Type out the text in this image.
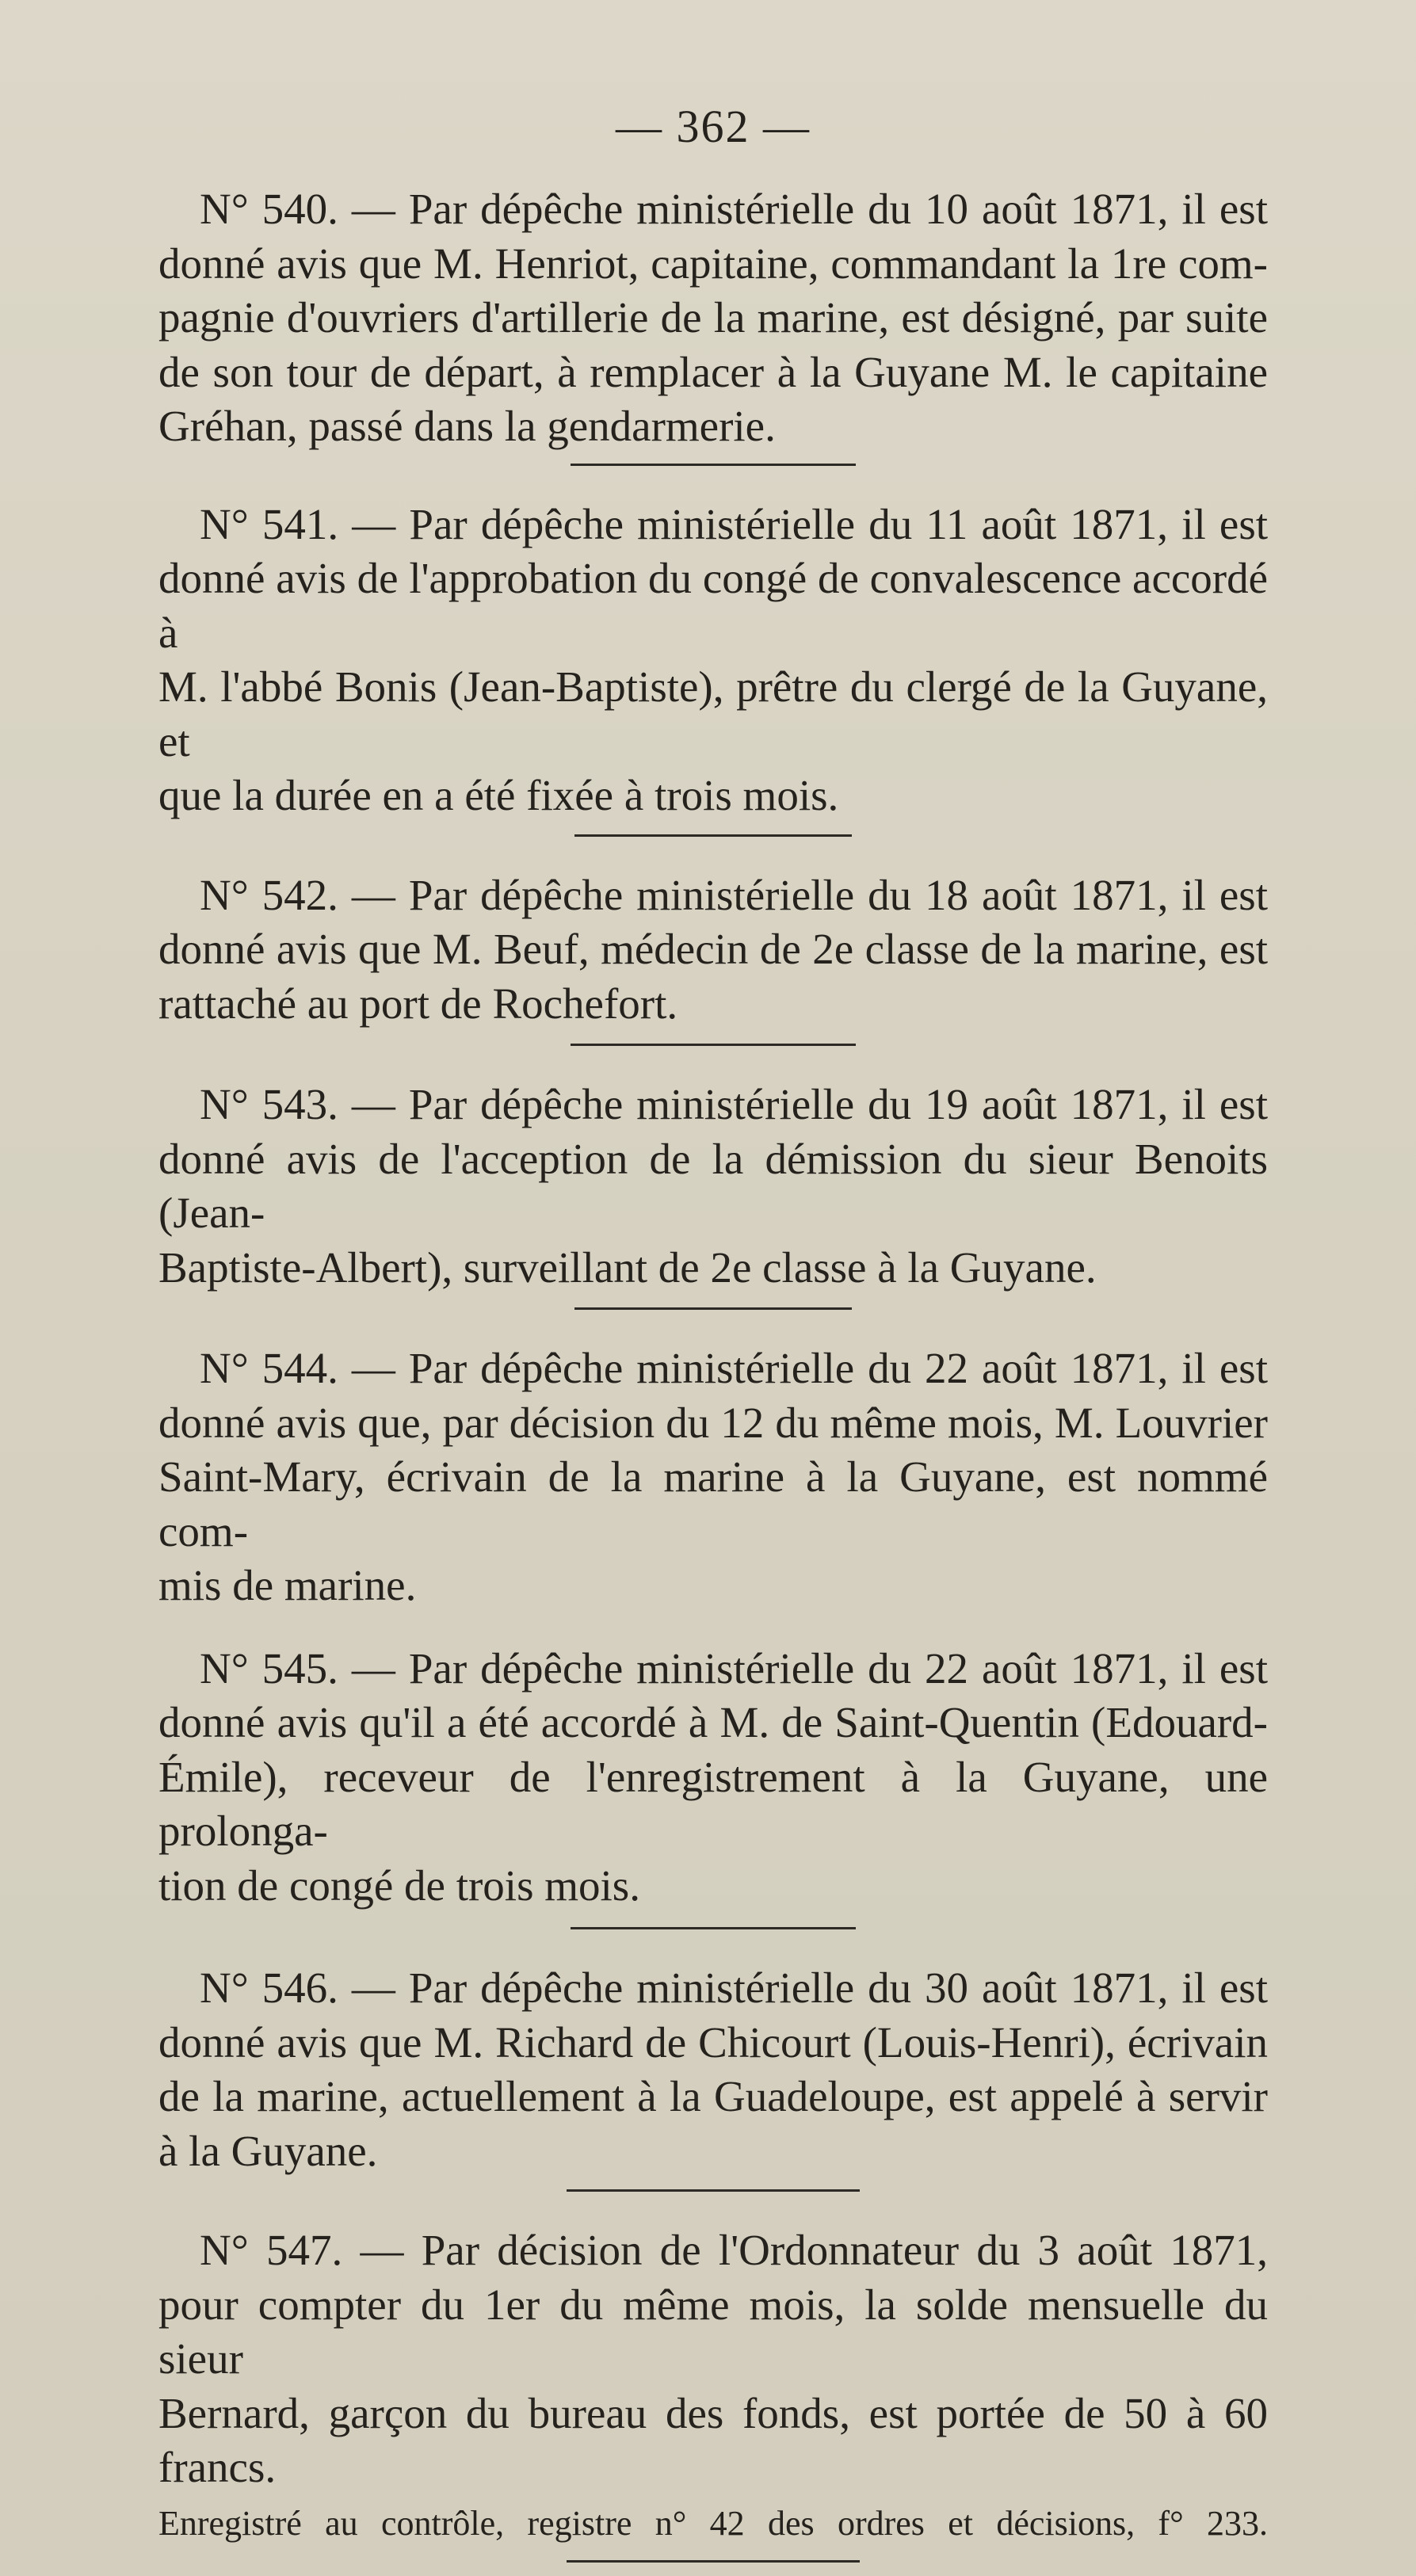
— 362 —
N° 540. — Par dépêche ministérielle du 10 août 1871, il est
donné avis que M. Henriot, capitaine, commandant la 1re com-
pagnie d'ouvriers d'artillerie de la marine, est désigné, par suite
de son tour de départ, à remplacer à la Guyane M. le capitaine
Gréhan, passé dans la gendarmerie.
N° 541. — Par dépêche ministérielle du 11 août 1871, il est
donné avis de l'approbation du congé de convalescence accordé à
M. l'abbé Bonis (Jean-Baptiste), prêtre du clergé de la Guyane, et
que la durée en a été fixée à trois mois.
N° 542. — Par dépêche ministérielle du 18 août 1871, il est
donné avis que M. Beuf, médecin de 2e classe de la marine, est
rattaché au port de Rochefort.
N° 543. — Par dépêche ministérielle du 19 août 1871, il est
donné avis de l'acception de la démission du sieur Benoits (Jean-
Baptiste-Albert), surveillant de 2e classe à la Guyane.
N° 544. — Par dépêche ministérielle du 22 août 1871, il est
donné avis que, par décision du 12 du même mois, M. Louvrier
Saint-Mary, écrivain de la marine à la Guyane, est nommé com-
mis de marine.
N° 545. — Par dépêche ministérielle du 22 août 1871, il est
donné avis qu'il a été accordé à M. de Saint-Quentin (Edouard-
Émile), receveur de l'enregistrement à la Guyane, une prolonga-
tion de congé de trois mois.
N° 546. — Par dépêche ministérielle du 30 août 1871, il est
donné avis que M. Richard de Chicourt (Louis-Henri), écrivain
de la marine, actuellement à la Guadeloupe, est appelé à servir
à la Guyane.
N° 547. — Par décision de l'Ordonnateur du 3 août 1871,
pour compter du 1er du même mois, la solde mensuelle du sieur
Bernard, garçon du bureau des fonds, est portée de 50 à 60
francs.
Enregistré au contrôle, registre n° 42 des ordres et décisions, f° 233.
